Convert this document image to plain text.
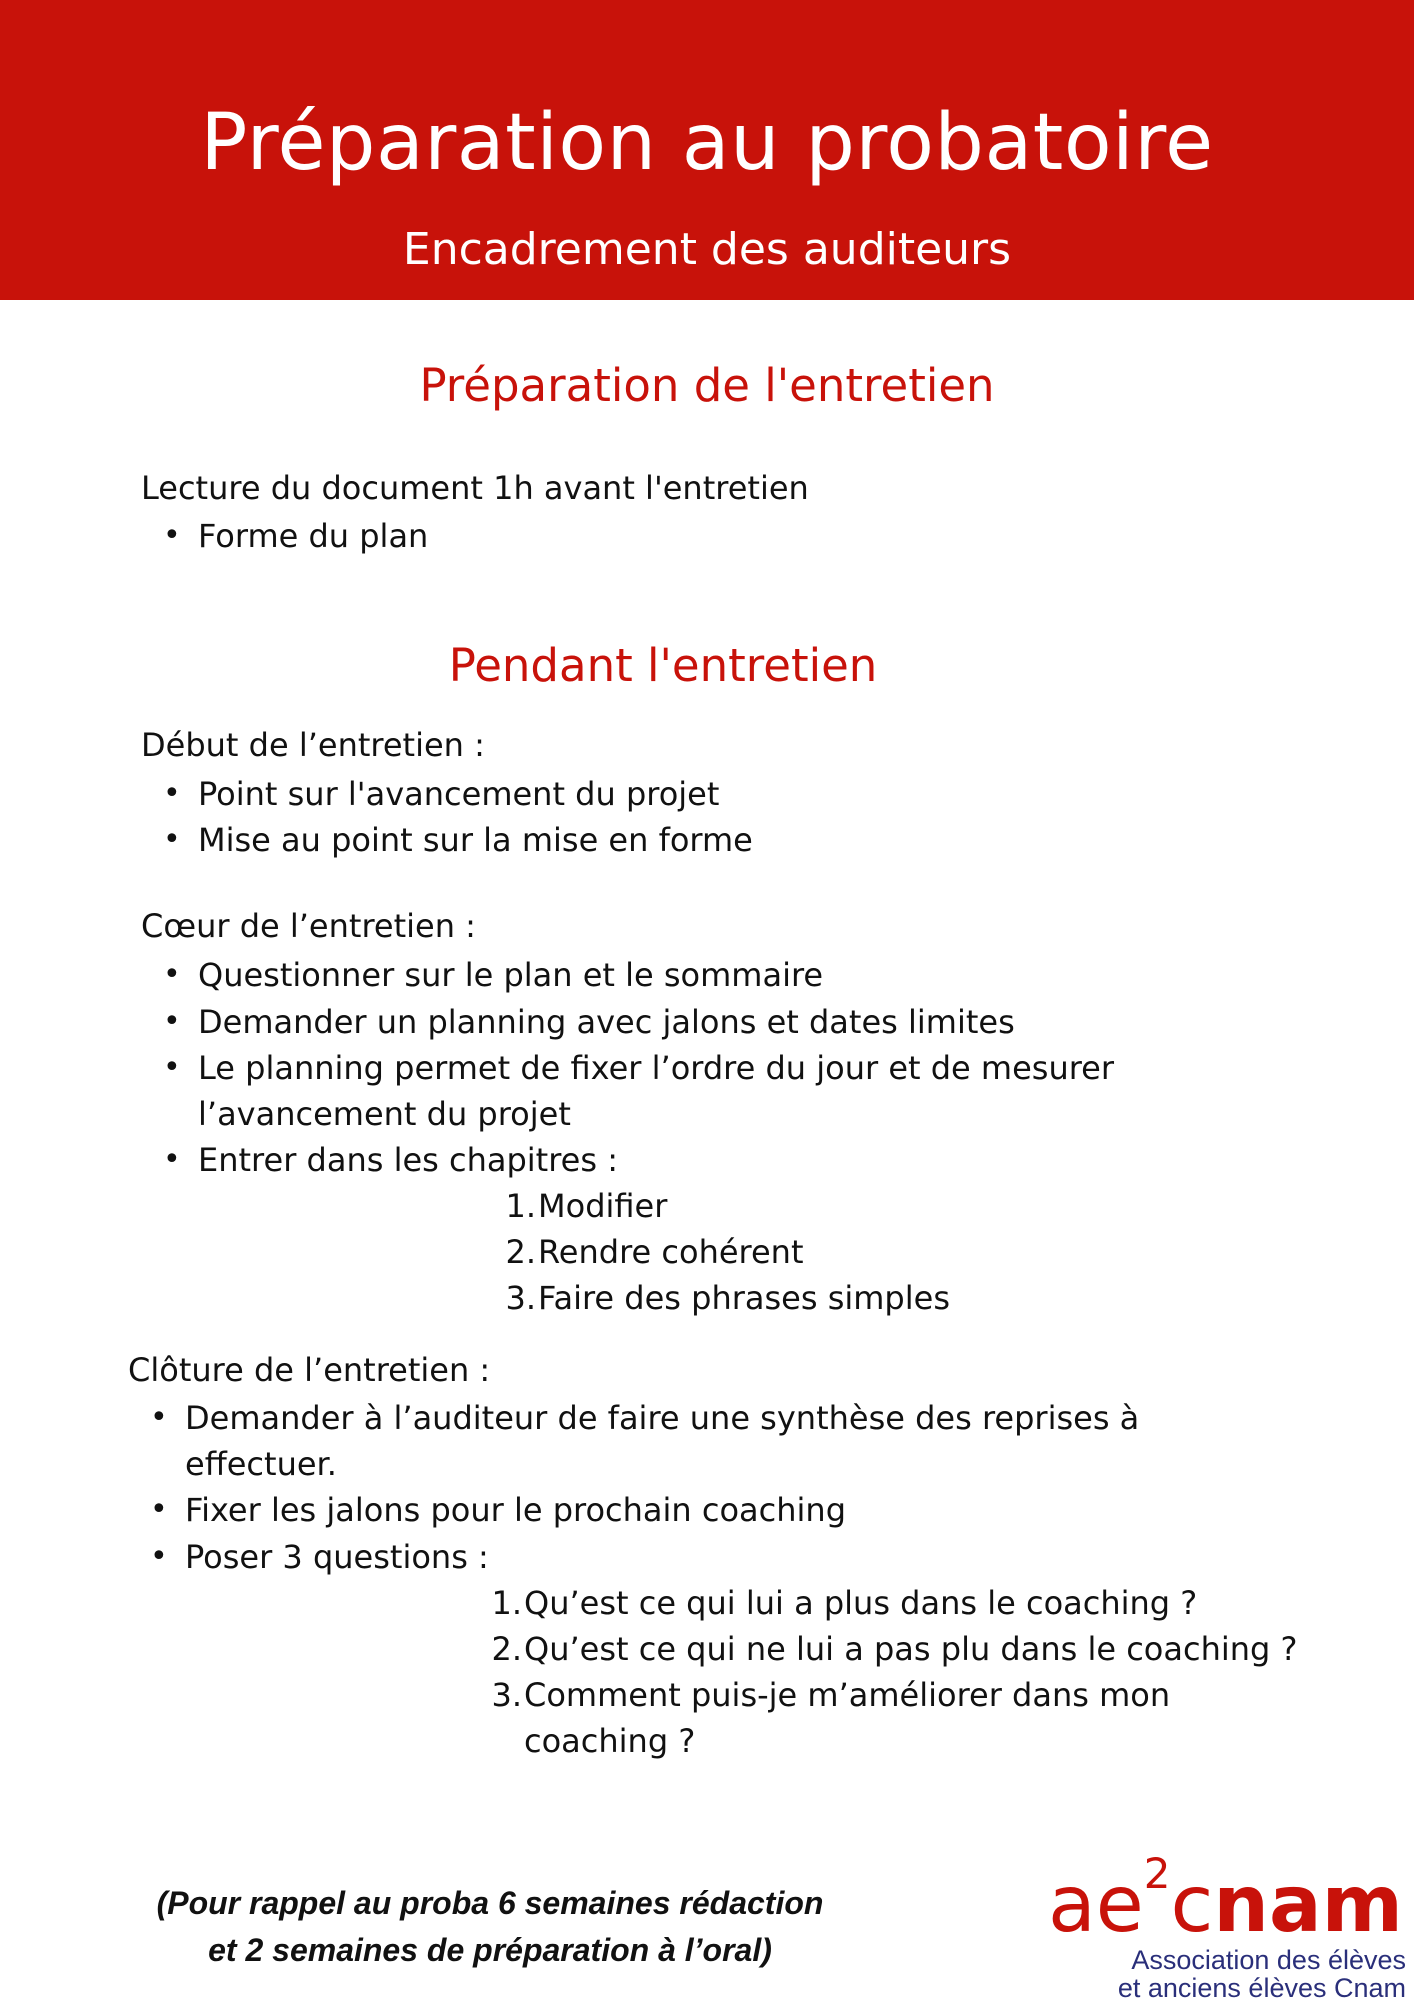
Préparation au probatoire
Encadrement des auditeurs
Préparation de l'entretien
Lecture du document 1h avant l'entretien
• Forme du plan
Pendant l'entretien
Début de l’entretien :
• Point sur l'avancement du projet
• Mise au point sur la mise en forme
Cœur de l’entretien :
• Questionner sur le plan et le sommaire
• Demander un planning avec jalons et dates limites
• Le planning permet de fixer l’ordre du jour et de mesurer
l’avancement du projet
• Entrer dans les chapitres :
1. Modifier
2. Rendre cohérent
3. Faire des phrases simples
Clôture de l’entretien :
• Demander à l’auditeur de faire une synthèse des reprises à
effectuer.
• Fixer les jalons pour le prochain coaching
• Poser 3 questions :
1. Qu’est ce qui lui a plus dans le coaching ?
2. Qu’est ce qui ne lui a pas plu dans le coaching ?
3. Comment puis-je m’améliorer dans mon
coaching ?
(Pour rappel au proba 6 semaines rédaction
et 2 semaines de préparation à l’oral)	$ae^2cnam$
Association des élèves
et anciens élèves Cnam
